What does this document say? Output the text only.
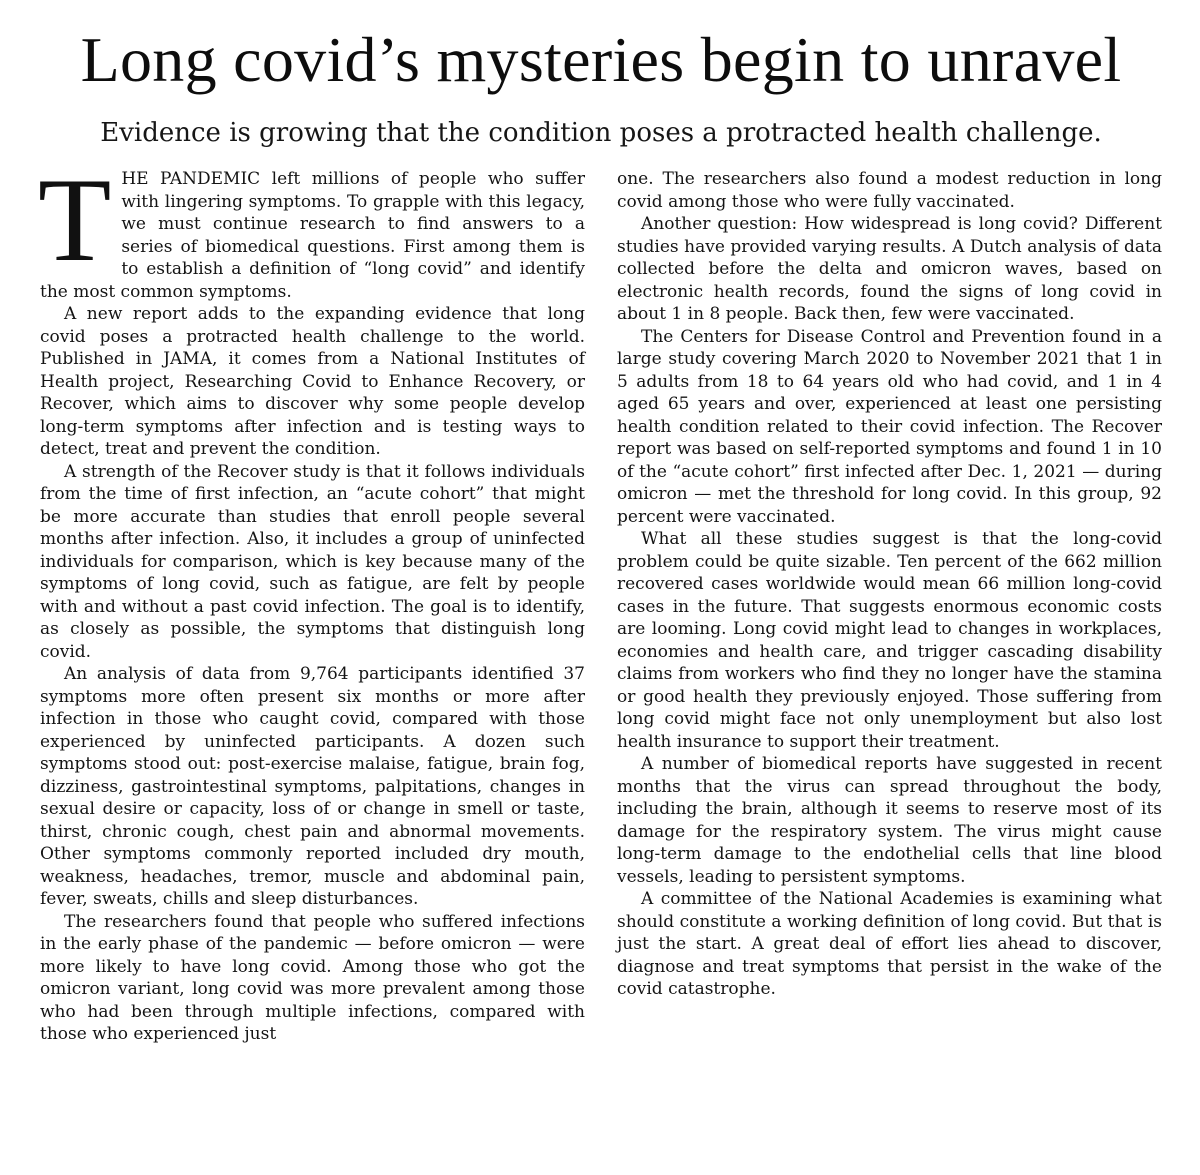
Long covid’s mysteries begin to unravel
Evidence is growing that the condition poses a protracted health challenge.

THE PANDEMIC left millions of people who suffer with lingering symptoms. To grapple with this legacy, we must continue research to find answers to a series of biomedical questions. First among them is to establish a definition of “long covid” and identify the most common symptoms.

A new report adds to the expanding evidence that long covid poses a protracted health challenge to the world. Published in JAMA, it comes from a National Institutes of Health project, Researching Covid to Enhance Recovery, or Recover, which aims to discover why some people develop long-term symptoms after infection and is testing ways to detect, treat and prevent the condition.

A strength of the Recover study is that it follows individuals from the time of first infection, an “acute cohort” that might be more accurate than studies that enroll people several months after infection. Also, it includes a group of uninfected individuals for comparison, which is key because many of the symptoms of long covid, such as fatigue, are felt by people with and without a past covid infection. The goal is to identify, as closely as possible, the symptoms that distinguish long covid.

An analysis of data from 9,764 participants identified 37 symptoms more often present six months or more after infection in those who caught covid, compared with those experienced by uninfected participants. A dozen such symptoms stood out: post-exercise malaise, fatigue, brain fog, dizziness, gastrointestinal symptoms, palpitations, changes in sexual desire or capacity, loss of or change in smell or taste, thirst, chronic cough, chest pain and abnormal movements. Other symptoms commonly reported included dry mouth, weakness, headaches, tremor, muscle and abdominal pain, fever, sweats, chills and sleep disturbances.

The researchers found that people who suffered infections in the early phase of the pandemic — before omicron — were more likely to have long covid. Among those who got the omicron variant, long covid was more prevalent among those who had been through multiple infections, compared with those who experienced just

one. The researchers also found a modest reduction in long covid among those who were fully vaccinated.

Another question: How widespread is long covid? Different studies have provided varying results. A Dutch analysis of data collected before the delta and omicron waves, based on electronic health records, found the signs of long covid in about 1 in 8 people. Back then, few were vaccinated.

The Centers for Disease Control and Prevention found in a large study covering March 2020 to November 2021 that 1 in 5 adults from 18 to 64 years old who had covid, and 1 in 4 aged 65 years and over, experienced at least one persisting health condition related to their covid infection. The Recover report was based on self-reported symptoms and found 1 in 10 of the “acute cohort” first infected after Dec. 1, 2021 — during omicron — met the threshold for long covid. In this group, 92 percent were vaccinated.

What all these studies suggest is that the long-covid problem could be quite sizable. Ten percent of the 662 million recovered cases worldwide would mean 66 million long-covid cases in the future. That suggests enormous economic costs are looming. Long covid might lead to changes in workplaces, economies and health care, and trigger cascading disability claims from workers who find they no longer have the stamina or good health they previously enjoyed. Those suffering from long covid might face not only unemployment but also lost health insurance to support their treatment.

A number of biomedical reports have suggested in recent months that the virus can spread throughout the body, including the brain, although it seems to reserve most of its damage for the respiratory system. The virus might cause long-term damage to the endothelial cells that line blood vessels, leading to persistent symptoms.

A committee of the National Academies is examining what should constitute a working definition of long covid. But that is just the start. A great deal of effort lies ahead to discover, diagnose and treat symptoms that persist in the wake of the covid catastrophe.
